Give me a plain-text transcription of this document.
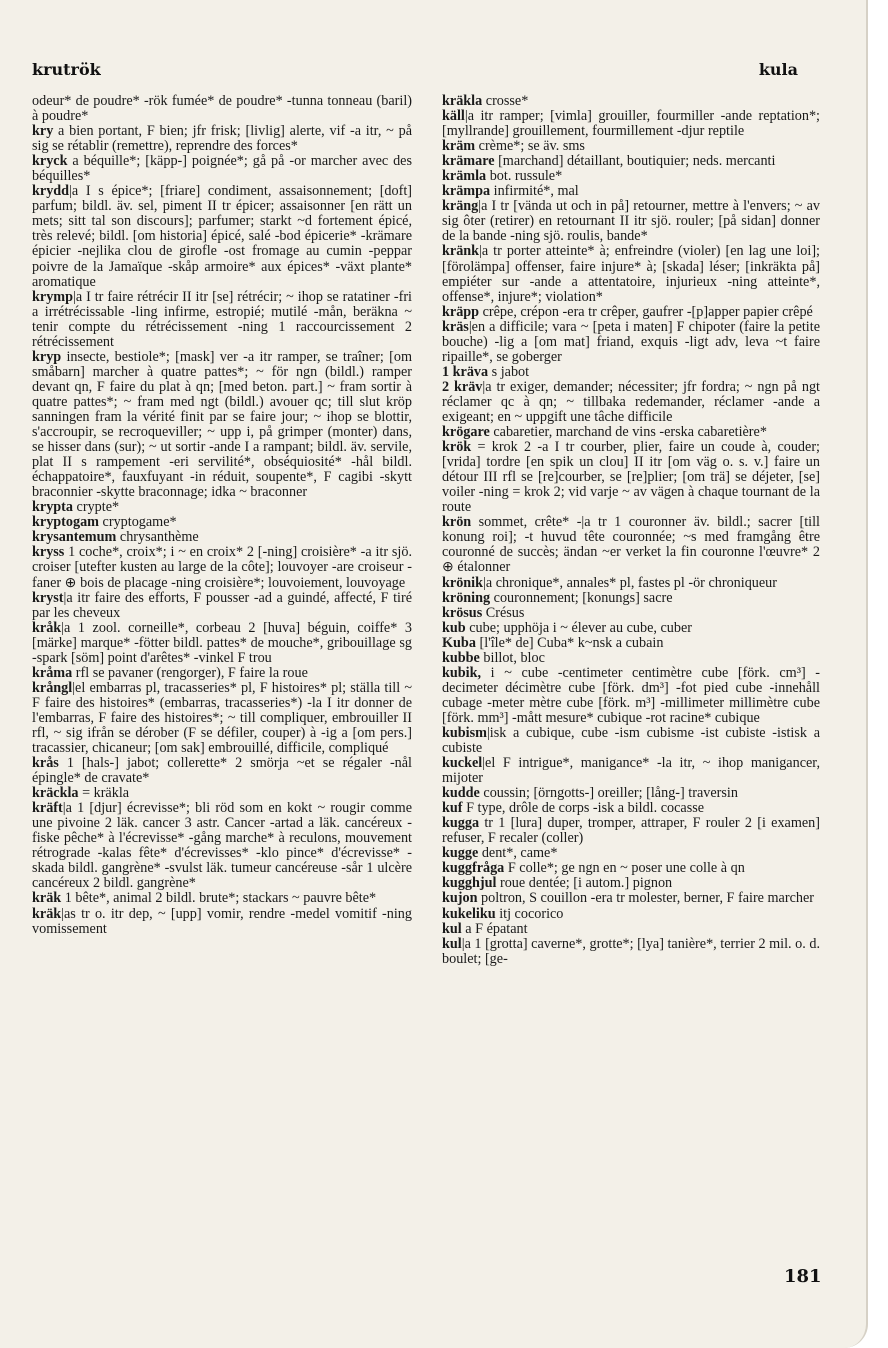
krutrök	kula

odeur* de poudre* -rök fumée* de poudre* -tunna tonneau (baril) à poudre*

kry a bien portant, F bien; jfr frisk; [livlig] alerte, vif -a itr, ~ på sig se rétablir (remettre), reprendre des forces*

kryck a béquille*; [käpp-] poignée*; gå på -or marcher avec des béquilles*

krydd|a I s épice*; [friare] condiment, assaisonnement; [doft] parfum; bildl. äv. sel, piment II tr épicer; assaisonner [en rätt un mets; sitt tal son discours]; parfumer; starkt ~d fortement épicé, très relevé; bildl. [om historia] épicé, salé -bod épicerie* -krämare épicier -nejlika clou de girofle -ost fromage au cumin -peppar poivre de la Jamaïque -skåp armoire* aux épices* -växt plante* aromatique

krymp|a I tr faire rétrécir II itr [se] rétrécir; ~ ihop se ratatiner -fri a irrétrécissable -ling infirme, estropié; mutilé -mån, beräkna ~ tenir compte du rétrécissement -ning 1 raccourcissement 2 rétrécissement

kryp insecte, bestiole*; [mask] ver -a itr ramper, se traîner; [om småbarn] marcher à quatre pattes*; ~ för ngn (bildl.) ramper devant qn, F faire du plat à qn; [med beton. part.] ~ fram sortir à quatre pattes*; ~ fram med ngt (bildl.) avouer qc; till slut kröp sanningen fram la vérité finit par se faire jour; ~ ihop se blottir, s'accroupir, se recroqueviller; ~ upp i, på grimper (monter) dans, se hisser dans (sur); ~ ut sortir -ande I a rampant; bildl. äv. servile, plat II s rampement -eri servilité*, obséquiosité* -hål bildl. échappatoire*, fauxfuyant -in réduit, soupente*, F cagibi -skytt braconnier -skytte braconnage; idka ~ braconner

krypta crypte*

kryptogam cryptogame*

krysantemum chrysanthème

kryss 1 coche*, croix*; i ~ en croix* 2 [-ning] croisière* -a itr sjö. croiser [utefter kusten au large de la côte]; louvoyer -are croiseur -faner ⊕ bois de placage -ning croisière*; louvoiement, louvoyage

kryst|a itr faire des efforts, F pousser -ad a guindé, affecté, F tiré par les cheveux

kråk|a 1 zool. corneille*, corbeau 2 [huva] béguin, coiffe* 3 [märke] marque* -fötter bildl. pattes* de mouche*, gribouillage sg -spark [söm] point d'arêtes* -vinkel F trou

kråma rfl se pavaner (rengorger), F faire la roue

krångl|el embarras pl, tracasseries* pl, F histoires* pl; ställa till ~ F faire des histoires* (embarras, tracasseries*) -la I itr donner de l'embarras, F faire des histoires*; ~ till compliquer, embrouiller II rfl, ~ sig ifrån se dérober (F se défiler, couper) à -ig a [om pers.] tracassier, chicaneur; [om sak] embrouillé, difficile, compliqué

krås 1 [hals-] jabot; collerette* 2 smörja ~et se régaler -nål épingle* de cravate*

kräckla = kräkla

kräft|a 1 [djur] écrevisse*; bli röd som en kokt ~ rougir comme une pivoine 2 läk. cancer 3 astr. Cancer -artad a läk. cancéreux -fiske pêche* à l'écrevisse* -gång marche* à reculons, mouvement rétrograde -kalas fête* d'écrevisses* -klo pince* d'écrevisse* -skada bildl. gangrène* -svulst läk. tumeur cancéreuse -sår 1 ulcère cancéreux 2 bildl. gangrène*

kräk 1 bête*, animal 2 bildl. brute*; stackars ~ pauvre bête*

kräk|as tr o. itr dep, ~ [upp] vomir, rendre -medel vomitif -ning vomissement

kräkla crosse*

käll|a itr ramper; [vimla] grouiller, fourmiller -ande reptation*; [myllrande] grouillement, fourmillement -djur reptile

kräm crème*; se äv. sms

krämare [marchand] détaillant, boutiquier; neds. mercanti

krämla bot. russule*

krämpa infirmité*, mal

kräng|a I tr [vända ut och in på] retourner, mettre à l'envers; ~ av sig ôter (retirer) en retournant II itr sjö. rouler; [på sidan] donner de la bande -ning sjö. roulis, bande*

kränk|a tr porter atteinte* à; enfreindre (violer) [en lag une loi]; [förolämpa] offenser, faire injure* à; [skada] léser; [inkräkta på] empiéter sur -ande a attentatoire, injurieux -ning atteinte*, offense*, injure*; violation*

kräpp crêpe, crépon -era tr crêper, gaufrer -[p]apper papier crêpé

kräs|en a difficile; vara ~ [peta i maten] F chipoter (faire la petite bouche) -lig a [om mat] friand, exquis -ligt adv, leva ~t faire ripaille*, se goberger

1 kräva s jabot

2 kräv|a tr exiger, demander; nécessiter; jfr fordra; ~ ngn på ngt réclamer qc à qn; ~ tillbaka redemander, réclamer -ande a exigeant; en ~ uppgift une tâche difficile

krögare cabaretier, marchand de vins -erska cabaretière*

krök = krok 2 -a I tr courber, plier, faire un coude à, couder; [vrida] tordre [en spik un clou] II itr [om väg o. s. v.] faire un détour III rfl se [re]courber, se [re]plier; [om trä] se déjeter, [se] voiler -ning = krok 2; vid varje ~ av vägen à chaque tournant de la route

krön sommet, crête* -|a tr 1 couronner äv. bildl.; sacrer [till konung roi]; -t huvud tête couronnée; ~s med framgång être couronné de succès; ändan ~er verket la fin couronne l'œuvre* 2 ⊕ étalonner

krönik|a chronique*, annales* pl, fastes pl -ör chroniqueur

kröning couronnement; [konungs] sacre

krösus Crésus

kub cube; upphöja i ~ élever au cube, cuber

Kuba [l'île* de] Cuba* k~nsk a cubain

kubbe billot, bloc

kubik, i ~ cube -centimeter centimètre cube [förk. cm³] -decimeter décimètre cube [förk. dm³] -fot pied cube -innehåll cubage -meter mètre cube [förk. m³] -millimeter millimètre cube [förk. mm³] -mått mesure* cubique -rot racine* cubique

kubism|isk a cubique, cube -ism cubisme -ist cubiste -istisk a cubiste

kuckel|el F intrigue*, manigance* -la itr, ~ ihop manigancer, mijoter

kudde coussin; [örngotts-] oreiller; [lång-] traversin

kuf F type, drôle de corps -isk a bildl. cocasse

kugga tr 1 [lura] duper, tromper, attraper, F rouler 2 [i examen] refuser, F recaler (coller)

kugge dent*, came*

kuggfråga F colle*; ge ngn en ~ poser une colle à qn

kugghjul roue dentée; [i autom.] pignon

kujon poltron, S couillon -era tr molester, berner, F faire marcher

kukeliku itj cocorico

kul a F épatant

kul|a 1 [grotta] caverne*, grotte*; [lya] tanière*, terrier 2 mil. o. d. boulet; [ge-

181
